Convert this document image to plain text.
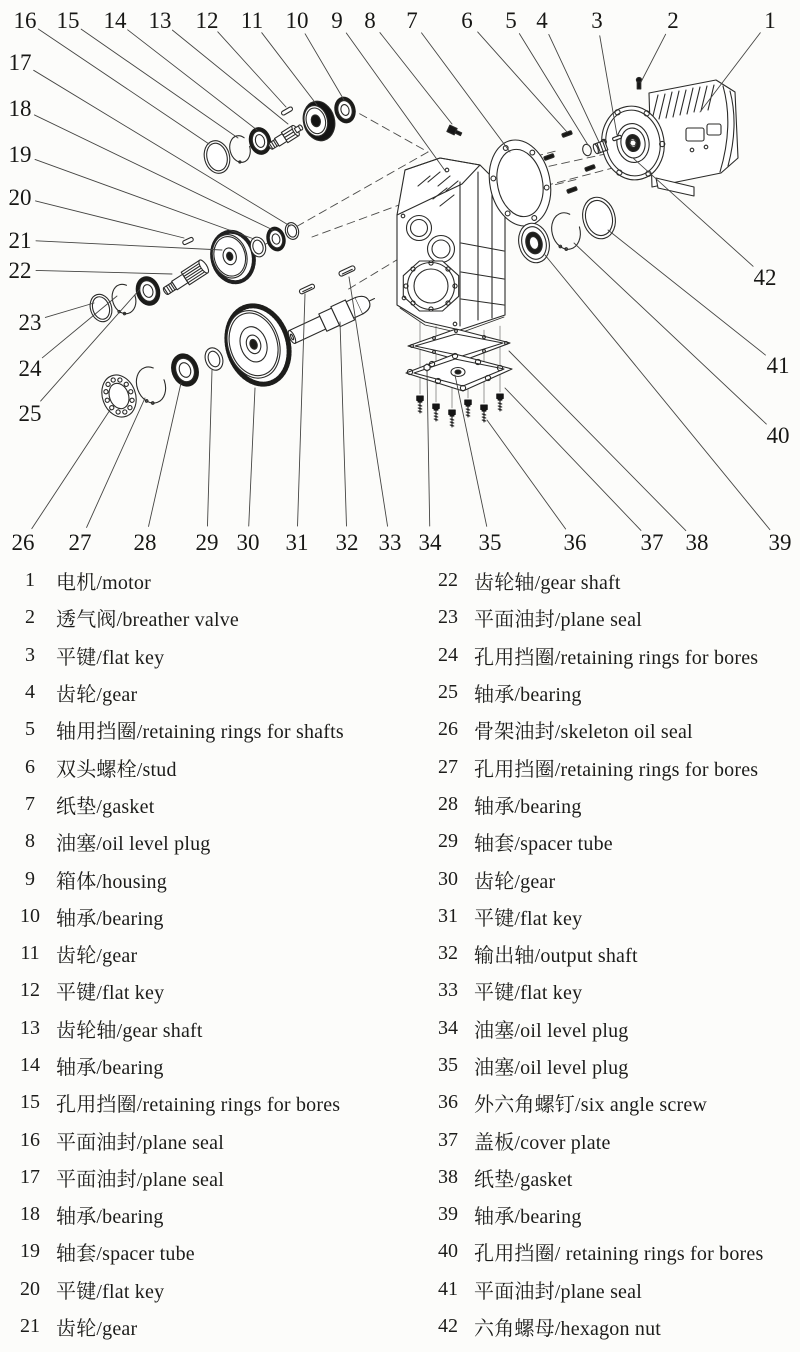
1
2
3
4
5
6
7
8
9
10
11
12
13
14
15
16
17
18
19
20
21
22
23
24
25
26 27 28 29 30 31 32 33 34 35	36 37 38	39
40
41
42
1	电机/motor
2	透气阀/breather valve
3	平键/flat key
4	齿轮/gear
5	轴用挡圈/retaining rings for shafts
6	双头螺栓/stud
7	纸垫/gasket
8	油塞/oil level plug
9	箱体/housing
10 轴承/bearing
11 齿轮/gear
12 平键/flat key
13 齿轮轴/gear shaft
14 轴承/bearing
15 孔用挡圈/retaining rings for bores
16 平面油封/plane seal
17 平面油封/plane seal
18 轴承/bearing
19 轴套/spacer tube
20 平键/flat key
21 齿轮/gear
22 齿轮轴/gear shaft
23 平面油封/plane seal
24 孔用挡圈/retaining rings for bores
25 轴承/bearing
26 骨架油封/skeleton oil seal
27 孔用挡圈/retaining rings for bores
28 轴承/bearing
29 轴套/spacer tube
30 齿轮/gear
31 平键/flat key
32 输出轴/output shaft
33 平键/flat key
34 油塞/oil level plug
35 油塞/oil level plug
36 外六角螺钉/six angle screw
37 盖板/cover plate
38 纸垫/gasket
39 轴承/bearing
40 孔用挡圈/ retaining rings for bores
41 平面油封/plane seal
42 六角螺母/hexagon nut
